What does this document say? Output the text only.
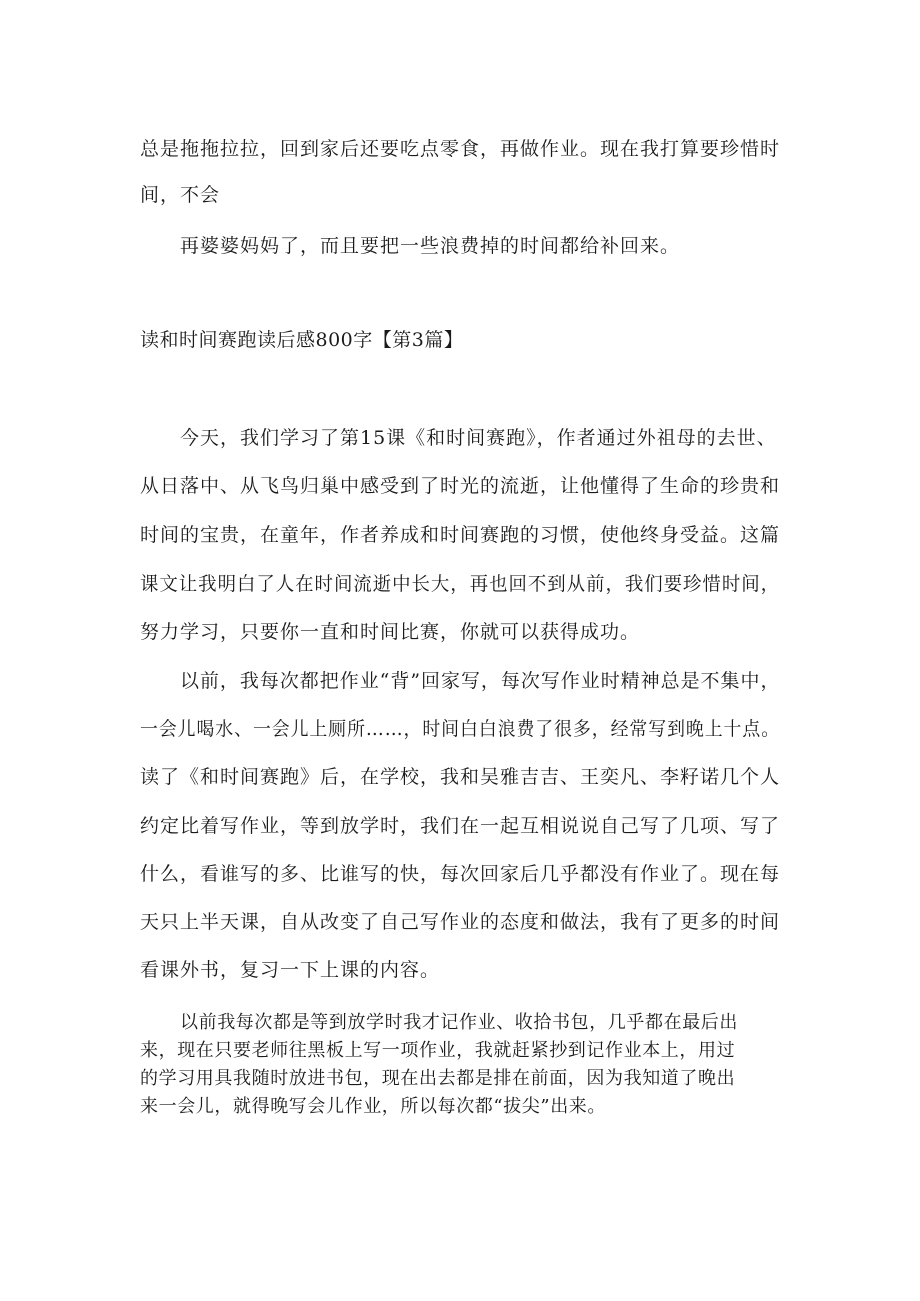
总是拖拖拉拉，回到家后还要吃点零食，再做作业。现在我打算要珍惜时
间，不会
再婆婆妈妈了，而且要把一些浪费掉的时间都给补回来。
读和时间赛跑读后感800字【第3篇】
今天，我们学习了第15课《和时间赛跑》，作者通过外祖母的去世、
从日落中、从飞鸟归巢中感受到了时光的流逝，让他懂得了生命的珍贵和
时间的宝贵，在童年，作者养成和时间赛跑的习惯，使他终身受益。这篇
课文让我明白了人在时间流逝中长大，再也回不到从前，我们要珍惜时间，
努力学习，只要你一直和时间比赛，你就可以获得成功。
以前，我每次都把作业“背”回家写，每次写作业时精神总是不集中，
一会儿喝水、一会儿上厕所……，时间白白浪费了很多，经常写到晚上十点。
读了《和时间赛跑》后，在学校，我和吴雅吉吉、王奕凡、李籽诺几个人
约定比着写作业，等到放学时，我们在一起互相说说自己写了几项、写了
什么，看谁写的多、比谁写的快，每次回家后几乎都没有作业了。现在每
天只上半天课，自从改变了自己写作业的态度和做法，我有了更多的时间
看课外书，复习一下上课的内容。
以前我每次都是等到放学时我才记作业、收拾书包，几乎都在最后出
来，现在只要老师往黑板上写一项作业，我就赶紧抄到记作业本上，用过
的学习用具我随时放进书包，现在出去都是排在前面，因为我知道了晚出
来一会儿，就得晚写会儿作业，所以每次都“拔尖”出来。
